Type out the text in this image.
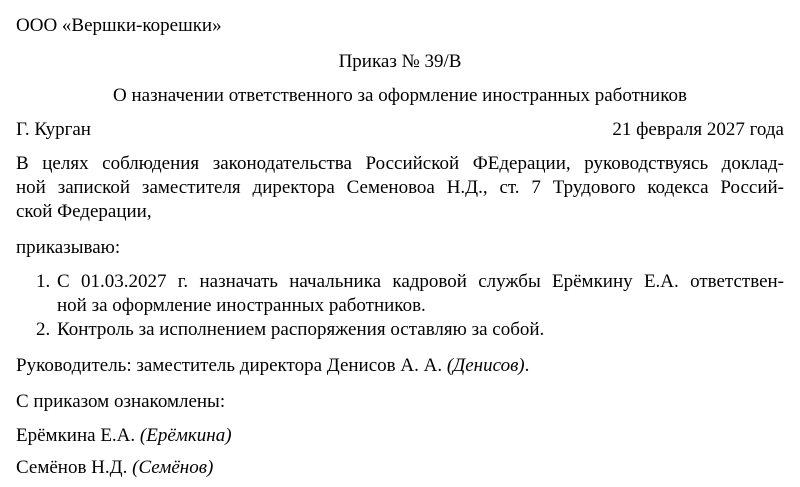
ООО «Вершки-корешки»
Приказ № 39/В
О назначении ответственного за оформление иностранных работников
Г. Курган	21 февраля 2027 года
В целях соблюдения законодательства Российской ФЕдерации, руководствуясь доклад-
ной запиской заместителя директора Семеновоа Н.Д., ст. 7 Трудового кодекса Россий-
ской Федерации,
приказываю:
1. С 01.03.2027 г. назначать начальника кадровой службы Ерёмкину Е.А. ответствен-
ной за оформление иностранных работников.
2. Контроль за исполнением распоряжения оставляю за собой.
Руководитель: заместитель директора Денисов А. А. (Денисов).
С приказом ознакомлены:
Ерёмкина Е.А. (Ерёмкина)
Семёнов Н.Д. (Семёнов)
